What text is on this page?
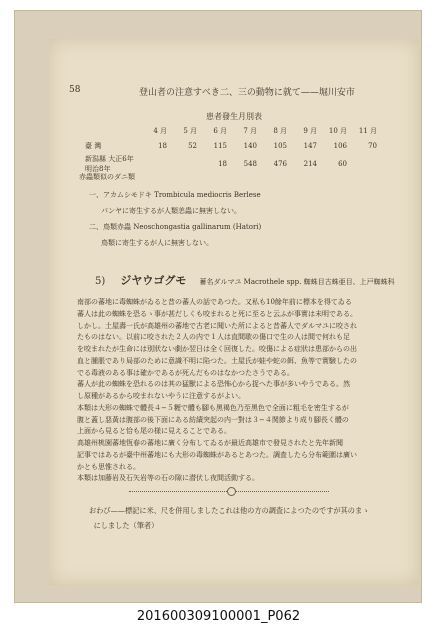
58	登山者の注意すべき二、三の動物に就て——堀川安市
患者發生月別表
	4 月	5 月	6 月	7 月	8 月	9 月	10 月	11 月
臺 灣	18	52	115	140	105	147	106	70
新潟縣 大正6年 明治8年			18	548	476	214	60	
赤蟲類似のダニ類
一、アカムシモドキ Trombicula mediocris Berlese
パンヤに寄生するが人類恙蟲に無害しない。
二、鳥類赤蟲 Neoschongastia gallinarum (Hatori)
鳥類に寄生するが人に無害しない。
5) ジヤウゴグモ 蓄名ダルマユ Macrothele spp. 蜘蛛目古蛛亜目、上戸蜘蛛科
おわび——標記に米、尺を併用しましたこれは他の方の調査によつたのですが其のまゝ
にしました（筆者）
南部の蕃地に毒蜘蛛がゐると昔の蕃人の話であつた。又私も10餘年前に標本を得てゐる
蕃人は此の蜘蛛を恐るゝ事が甚だしくも咬まれると死に至ると云ふが事實は未明である。
しかし。土屋壽一氏が高雄州の蕃地で古老に聞いた所によると昔蕃人でダルマユに咬され
たものはない。以前に咬された２人の内で１人は直間歇の傷口で生の人は間で何れも足
を咬まれたが生命には別狀ない劇か翌日は全く回復した。咬傷による症狀は患部からの出
血と腫脹であり局部のために意識不明に陷つた。土屋氏が蛙や蛇の餌、魚等で實驗したの
でる毒液のある事は確かであるが死んだものはなかつたさうである。
蕃人が此の蜘蛛を恐れるのは其の猛獸による恐怖心から捉へた事が多いやうである。然
し原種があるから咬まれないやうに注意するがよい。
本類は大形の蜘蛛で體長４−５糎で體も腳も黑褐色乃至黑色で全面に粗毛を密生するが
腹と蓋し惡黃は腹部の後下面にある紡績突起の内一對は３−４関節より成り腳長く體の
上面から見ると恰も尾の様に見えることである。
高雄州桃園蕃地恆春の蕃地に廣く分布してゐるが最近高雄市で發見されたと先年新聞
記事ではあるが臺中州蕃地にも大形の毒蜘蛛があるとあつた。調査したら分布範圍は廣い
かとも思惟される。
本類は加藤岩及石矢岩等の石の隙に潜伏し夜間活動する。
201600309100001_P062
